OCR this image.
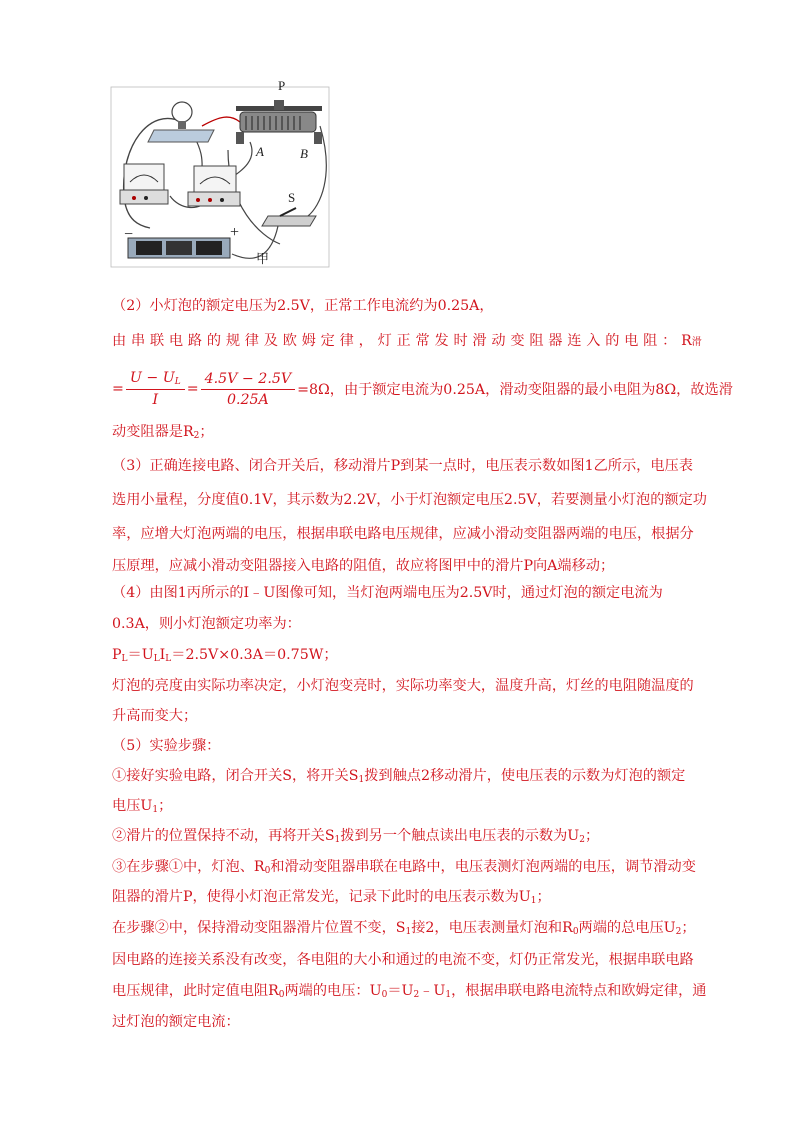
P
A	B
S
−	+
甲
（2）小灯泡的额定电压为2.5V，正常工作电流约为0.25A，
由 串 联 电 路 的 规 律 及 欧 姆 定 律 ， 灯 正 常 发 时 滑 动 变 阻 器 连 入 的 电 阻 ： R滑
= $\frac{U - U_L}{I} = \frac{4.5V - 2.5V}{0.25A} =8\Omega$，由于额定电流为0.25A，滑动变阻器的最小电阻为8Ω，故选滑
动变阻器是$R_2$；
（3）正确连接电路、闭合开关后，移动滑片P到某一点时，电压表示数如图1乙所示，电压表
选用小量程，分度值0.1V，其示数为2.2V，小于灯泡额定电压2.5V，若要测量小灯泡的额定功
率，应增大灯泡两端的电压，根据串联电路电压规律，应减小滑动变阻器两端的电压，根据分
压原理，应减小滑动变阻器接入电路的阻值，故应将图甲中的滑片P向A端移动；
（4）由图1丙所示的I﹣U图像可知，当灯泡两端电压为2.5V时，通过灯泡的额定电流为
0.3A，则小灯泡额定功率为：
$P_L=U_LI_L=2.5V\times 0.3A=0.75W$；
灯泡的亮度由实际功率决定，小灯泡变亮时，实际功率变大，温度升高，灯丝的电阻随温度的
升高而变大；
（5）实验步骤：
①接好实验电路，闭合开关S，将开关$S_1$拨到触点2移动滑片，使电压表的示数为灯泡的额定
电压$U_1$；
②滑片的位置保持不动，再将开关$S_1$拨到另一个触点读出电压表的示数为$U_2$；
③在步骤①中，灯泡、$R_0$和滑动变阻器串联在电路中，电压表测灯泡两端的电压，调节滑动变
阻器的滑片P，使得小灯泡正常发光，记录下此时的电压表示数为$U_1$；
在步骤②中，保持滑动变阻器滑片位置不变，$S_1$接2，电压表测量灯泡和$R_0$两端的总电压$U_2$；
因电路的连接关系没有改变，各电阻的大小和通过的电流不变，灯仍正常发光，根据串联电路
电压规律，此时定值电阻$R_0$两端的电压：$U_0=U_2﹣U_1$，根据串联电路电流特点和欧姆定律，通
过灯泡的额定电流：
